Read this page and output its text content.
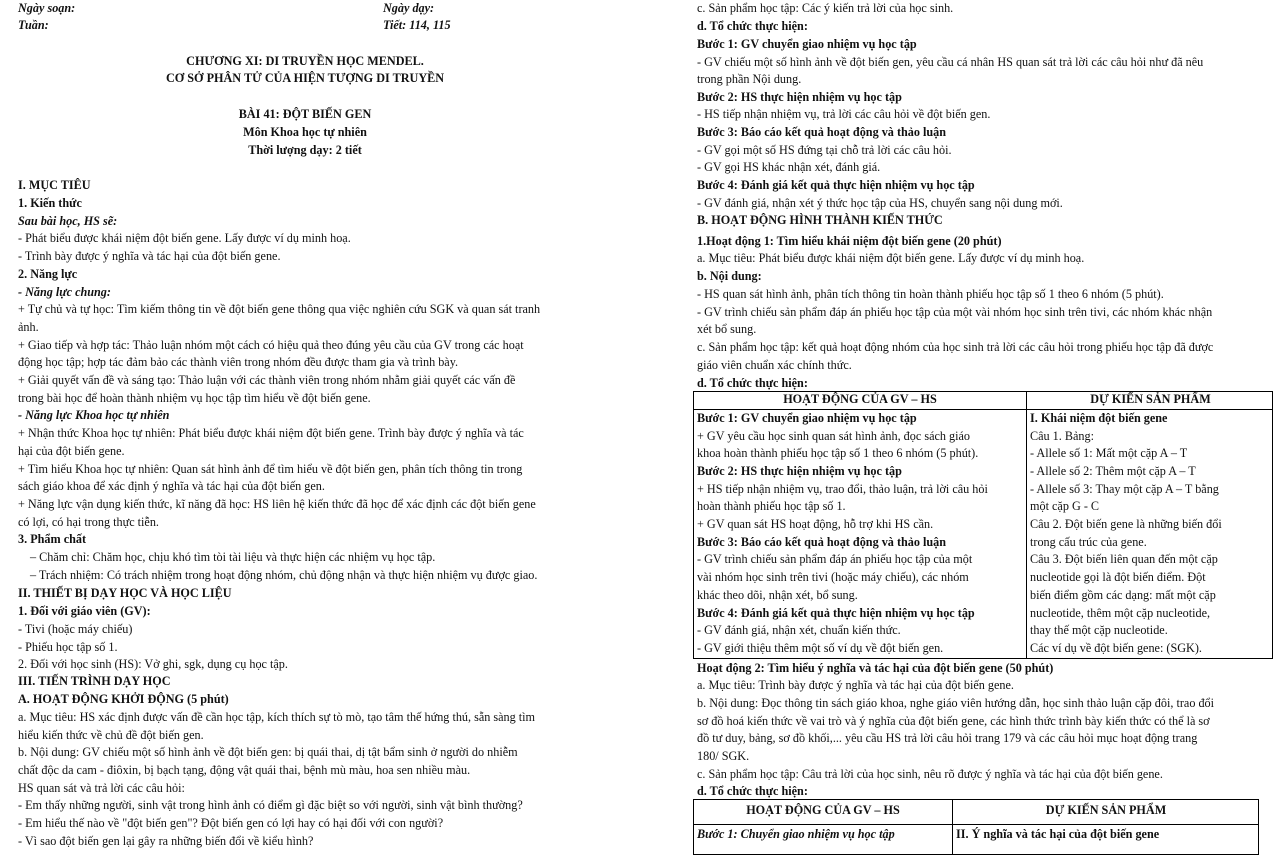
Ngày soạn:	Ngày dạy:
Tuần:	Tiết: 114, 115
CHƯƠNG XI: DI TRUYỀN HỌC MENDEL.
CƠ SỞ PHÂN TỬ CỦA HIỆN TƯỢNG DI TRUYỀN
BÀI 41: ĐỘT BIẾN GEN
Môn Khoa học tự nhiên
Thời lượng dạy: 2 tiết
I. MỤC TIÊU
1. Kiến thức
Sau bài học, HS sẽ:
- Phát biểu được khái niệm đột biến gene. Lấy được ví dụ minh hoạ.
- Trình bày được ý nghĩa và tác hại của đột biến gene.
2. Năng lực
- Năng lực chung:
+ Tự chủ và tự học: Tìm kiếm thông tin về đột biến gene thông qua việc nghiên cứu SGK và quan sát tranh
ảnh.
+ Giao tiếp và hợp tác: Thảo luận nhóm một cách có hiệu quả theo đúng yêu cầu của GV trong các hoạt
động học tập; hợp tác đảm bảo các thành viên trong nhóm đều được tham gia và trình bày.
+ Giải quyết vấn đề và sáng tạo: Thảo luận với các thành viên trong nhóm nhằm giải quyết các vấn đề
trong bài học để hoàn thành nhiệm vụ học tập tìm hiểu về đột biến gene.
- Năng lực Khoa học tự nhiên
+ Nhận thức Khoa học tự nhiên: Phát biểu được khái niệm đột biến gene. Trình bày được ý nghĩa và tác
hại của đột biến gene.
+ Tìm hiểu Khoa học tự nhiên: Quan sát hình ảnh để tìm hiểu về đột biến gen, phân tích thông tin trong
sách giáo khoa để xác định ý nghĩa và tác hại của đột biến gen.
+ Năng lực vận dụng kiến thức, kĩ năng đã học: HS liên hệ kiến thức đã học để xác định các đột biến gene
có lợi, có hại trong thực tiễn.
3. Phẩm chất
– Chăm chỉ: Chăm học, chịu khó tìm tòi tài liệu và thực hiện các nhiệm vụ học tập.
– Trách nhiệm: Có trách nhiệm trong hoạt động nhóm, chủ động nhận và thực hiện nhiệm vụ được giao.
II. THIẾT BỊ DẠY HỌC VÀ HỌC LIỆU
1. Đối với giáo viên (GV):
- Tivi (hoặc máy chiếu)
- Phiếu học tập số 1.
2. Đối với học sinh (HS): Vở ghi, sgk, dụng cụ học tập.
III. TIẾN TRÌNH DẠY HỌC
A. HOẠT ĐỘNG KHỞI ĐỘNG (5 phút)
a. Mục tiêu: HS xác định được vấn đề cần học tập, kích thích sự tò mò, tạo tâm thế hứng thú, sẵn sàng tìm
hiểu kiến thức về chủ đề đột biến gen.
b. Nội dung: GV chiếu một số hình ảnh về đột biến gen: bị quái thai, dị tật bẩm sinh ở người do nhiễm
chất độc da cam - điôxin, bị bạch tạng, động vật quái thai, bệnh mù màu, hoa sen nhiều màu.
HS quan sát và trả lời các câu hỏi:
- Em thấy những người, sinh vật trong hình ảnh có điểm gì đặc biệt so với người, sinh vật bình thường?
- Em hiểu thế nào về "đột biến gen"? Đột biến gen có lợi hay có hại đối với con người?
- Vì sao đột biến gen lại gây ra những biến đổi về kiểu hình?
c. Sản phẩm học tập: Các ý kiến trả lời của học sinh.
d. Tổ chức thực hiện:
Bước 1: GV chuyển giao nhiệm vụ học tập
- GV chiếu một số hình ảnh về đột biến gen, yêu cầu cá nhân HS quan sát trả lời các câu hỏi như đã nêu
trong phần Nội dung.
Bước 2: HS thực hiện nhiệm vụ học tập
- HS tiếp nhận nhiệm vụ, trả lời các câu hỏi về đột biến gen.
Bước 3: Báo cáo kết quả hoạt động và thảo luận
- GV gọi một số HS đứng tại chỗ trả lời các câu hỏi.
- GV gọi HS khác nhận xét, đánh giá.
Bước 4: Đánh giá kết quả thực hiện nhiệm vụ học tập
- GV đánh giá, nhận xét ý thức học tập của HS, chuyển sang nội dung mới.
B. HOẠT ĐỘNG HÌNH THÀNH KIẾN THỨC
1.Hoạt động 1: Tìm hiểu khái niệm đột biến gene (20 phút)
a. Mục tiêu: Phát biểu được khái niệm đột biến gene. Lấy được ví dụ minh hoạ.
b. Nội dung:
- HS quan sát hình ảnh, phân tích thông tin hoàn thành phiếu học tập số 1 theo 6 nhóm (5 phút).
- GV trình chiếu sản phẩm đáp án phiếu học tập của một vài nhóm học sinh trên tivi, các nhóm khác nhận
xét bổ sung.
c. Sản phẩm học tập: kết quả hoạt động nhóm của học sinh trả lời các câu hỏi trong phiếu học tập đã được
giáo viên chuẩn xác chính thức.
d. Tổ chức thực hiện:
HOẠT ĐỘNG CỦA GV – HS	DỰ KIẾN SẢN PHẨM
Bước 1: GV chuyển giao nhiệm vụ học tập
+ GV yêu cầu học sinh quan sát hình ảnh, đọc sách giáo
khoa hoàn thành phiếu học tập số 1 theo 6 nhóm (5 phút).
Bước 2: HS thực hiện nhiệm vụ học tập
+ HS tiếp nhận nhiệm vụ, trao đổi, thảo luận, trả lời câu hỏi
hoàn thành phiếu học tập số 1.
+ GV quan sát HS hoạt động, hỗ trợ khi HS cần.
Bước 3: Báo cáo kết quả hoạt động và thảo luận
- GV trình chiếu sản phẩm đáp án phiếu học tập của một
vài nhóm học sinh trên tivi (hoặc máy chiếu), các nhóm
khác theo dõi, nhận xét, bổ sung.
Bước 4: Đánh giá kết quả thực hiện nhiệm vụ học tập
- GV đánh giá, nhận xét, chuẩn kiến thức.
- GV giới thiệu thêm một số ví dụ về đột biến gen.
I. Khái niệm đột biến gene
Câu 1. Bảng:
- Allele số 1: Mất một cặp A – T
- Allele số 2: Thêm một cặp A – T
- Allele số 3: Thay một cặp A – T bằng
một cặp G - C
Câu 2. Đột biến gene là những biến đổi
trong cấu trúc của gene.
Câu 3. Đột biến liên quan đến một cặp
nucleotide gọi là đột biến điểm. Đột
biến điểm gồm các dạng: mất một cặp
nucleotide, thêm một cặp nucleotide,
thay thế một cặp nucleotide.
Các ví dụ về đột biến gene: (SGK).
Hoạt động 2: Tìm hiểu ý nghĩa và tác hại của đột biến gene (50 phút)
a. Mục tiêu: Trình bày được ý nghĩa và tác hại của đột biến gene.
b. Nội dung: Đọc thông tin sách giáo khoa, nghe giáo viên hướng dẫn, học sinh thảo luận cặp đôi, trao đổi
sơ đồ hoá kiến thức về vai trò và ý nghĩa của đột biến gene, các hình thức trình bày kiến thức có thể là sơ
đồ tư duy, bảng, sơ đồ khối,... yêu cầu HS trả lời câu hỏi trang 179 và các câu hỏi mục hoạt động trang
180/ SGK.
c. Sản phẩm học tập: Câu trả lời của học sinh, nêu rõ được ý nghĩa và tác hại của đột biến gene.
d. Tổ chức thực hiện:
HOẠT ĐỘNG CỦA GV – HS	DỰ KIẾN SẢN PHẨM
Bước 1: Chuyển giao nhiệm vụ học tập	II. Ý nghĩa và tác hại của đột biến gene
